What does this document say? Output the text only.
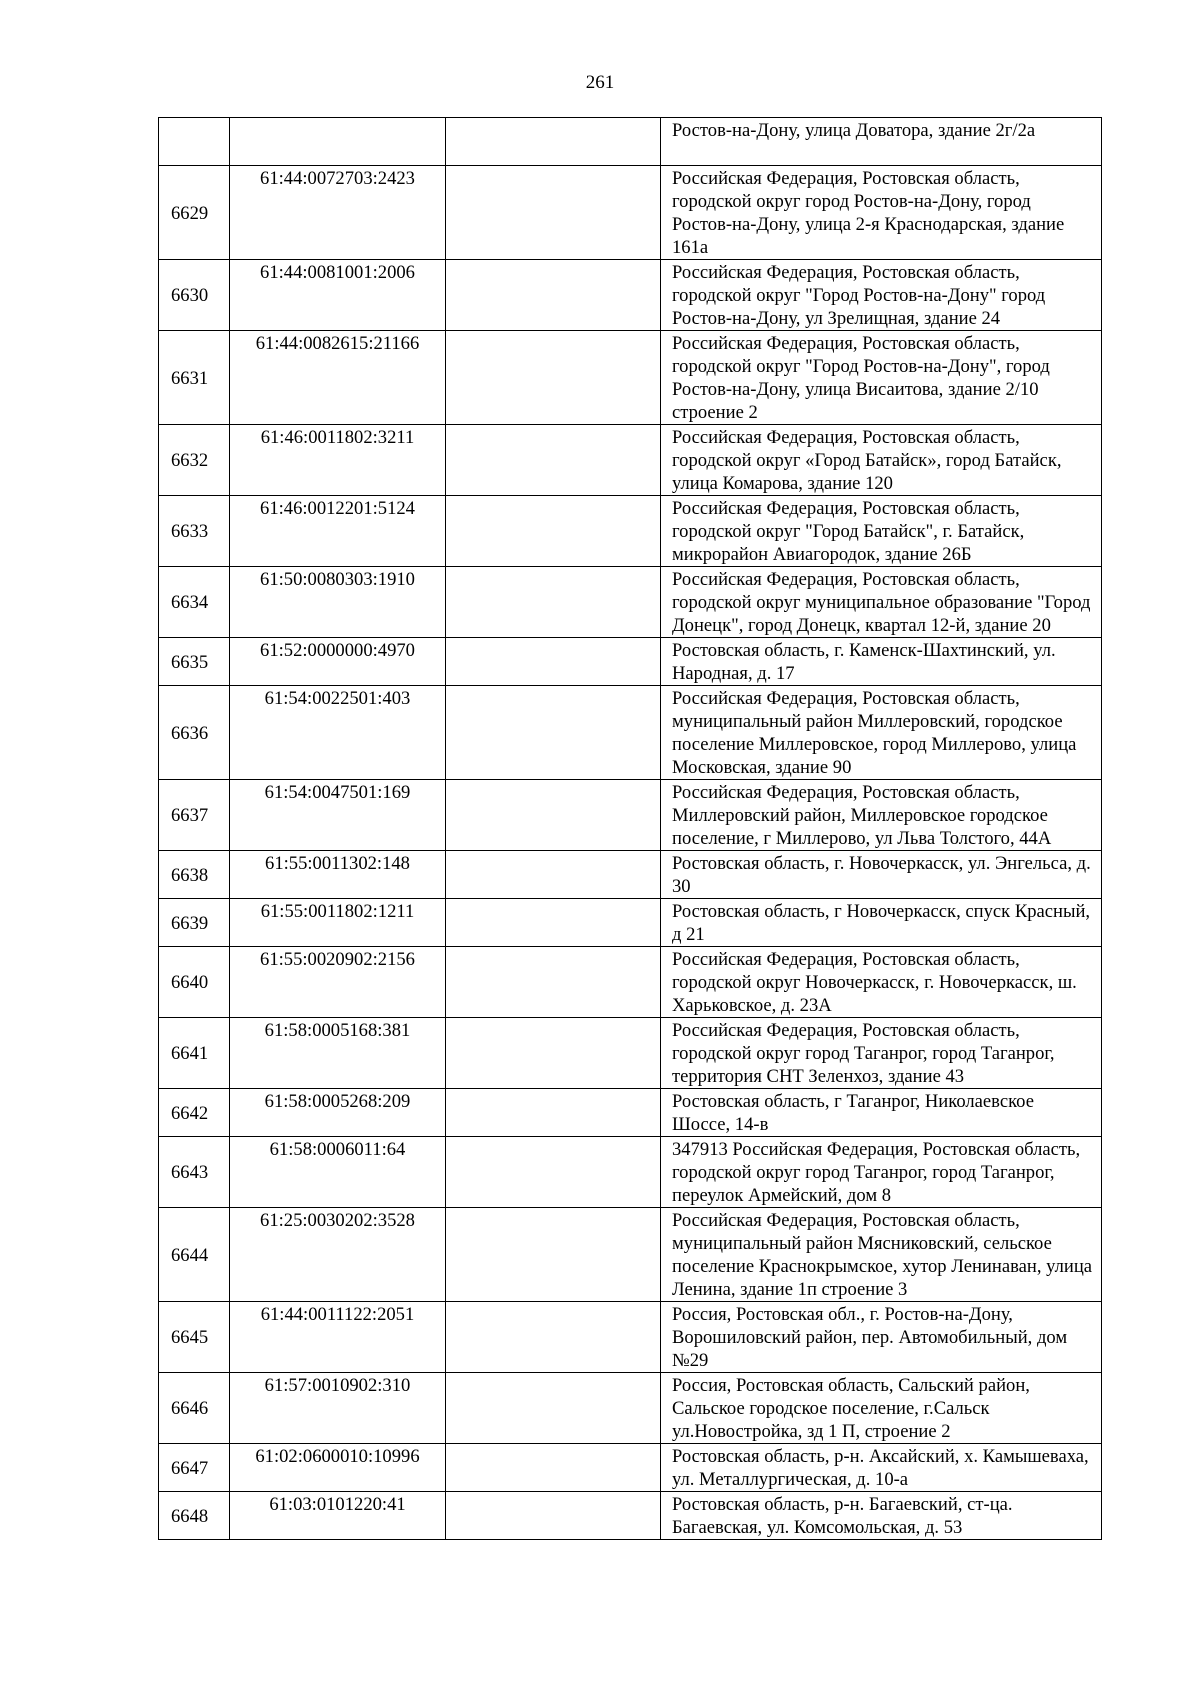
261
			Ростов-на-Дону, улица Доватора, здание 2г/2а
6629	61:44:0072703:2423		Российская Федерация, Ростовская область, городской округ город Ростов-на-Дону, город Ростов-на-Дону, улица 2-я Краснодарская, здание 161а
6630	61:44:0081001:2006		Российская Федерация, Ростовская область, городской округ "Город Ростов-на-Дону" город Ростов-на-Дону, ул Зрелищная, здание 24
6631	61:44:0082615:21166		Российская Федерация, Ростовская область, городской округ "Город Ростов-на-Дону", город Ростов-на-Дону, улица Висаитова, здание 2/10 строение 2
6632	61:46:0011802:3211		Российская Федерация, Ростовская область, городской округ «Город Батайск», город Батайск, улица Комарова, здание 120
6633	61:46:0012201:5124		Российская Федерация, Ростовская область, городской округ "Город Батайск", г. Батайск, микрорайон Авиагородок, здание 26Б
6634	61:50:0080303:1910		Российская Федерация, Ростовская область, городской округ муниципальное образование "Город Донецк", город Донецк, квартал 12-й, здание 20
6635	61:52:0000000:4970		Ростовская область, г. Каменск-Шахтинский, ул. Народная, д. 17
6636	61:54:0022501:403		Российская Федерация, Ростовская область, муниципальный район Миллеровский, городское поселение Миллеровское, город Миллерово, улица Московская, здание 90
6637	61:54:0047501:169		Российская Федерация, Ростовская область, Миллеровский район, Миллеровское городское поселение, г Миллерово, ул Льва Толстого, 44А
6638	61:55:0011302:148		Ростовская область, г. Новочеркасск, ул. Энгельса, д. 30
6639	61:55:0011802:1211		Ростовская область, г Новочеркасск, спуск Красный, д 21
6640	61:55:0020902:2156		Российская Федерация, Ростовская область, городской округ Новочеркасск, г. Новочеркасск, ш. Харьковское, д. 23А
6641	61:58:0005168:381		Российская Федерация, Ростовская область, городской округ город Таганрог, город Таганрог, территория СНТ Зеленхоз, здание 43
6642	61:58:0005268:209		Ростовская область, г Таганрог, Николаевское Шоссе, 14-в
6643	61:58:0006011:64		347913 Российская Федерация, Ростовская область, городской округ город Таганрог, город Таганрог, переулок Армейский, дом 8
6644	61:25:0030202:3528		Российская Федерация, Ростовская область, муниципальный район Мясниковский, сельское поселение Краснокрымское, хутор Ленинаван, улица Ленина, здание 1п строение 3
6645	61:44:0011122:2051		Россия, Ростовская обл., г. Ростов-на-Дону, Ворошиловский район, пер. Автомобильный, дом №29
6646	61:57:0010902:310		Россия, Ростовская область, Сальский район, Сальское городское поселение, г.Сальск ул.Новостройка, зд 1 П, строение 2
6647	61:02:0600010:10996		Ростовская область, р-н. Аксайский, х. Камышеваха, ул. Металлургическая, д. 10-а
6648	61:03:0101220:41		Ростовская область, р-н. Багаевский, ст-ца. Багаевская, ул. Комсомольская, д. 53
